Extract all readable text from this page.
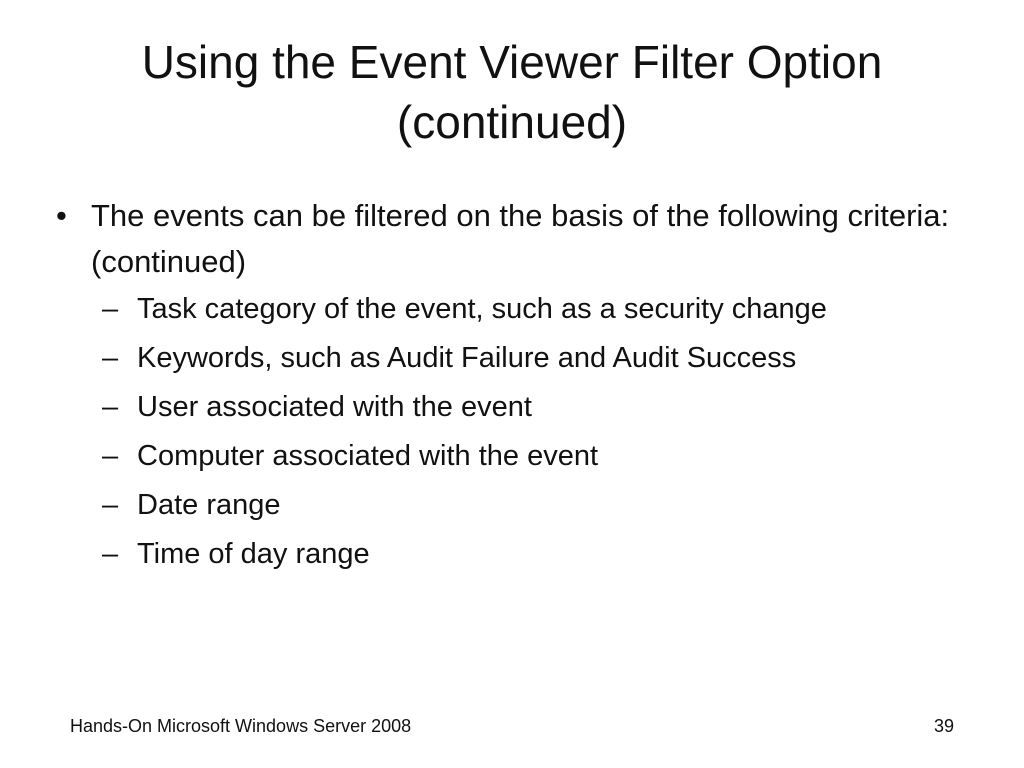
Using the Event Viewer Filter Option
(continued)
• The events can be filtered on the basis of the following criteria: (continued)
– Task category of the event, such as a security change
– Keywords, such as Audit Failure and Audit Success
– User associated with the event
– Computer associated with the event
– Date range
– Time of day range
Hands-On Microsoft Windows Server 2008	39
